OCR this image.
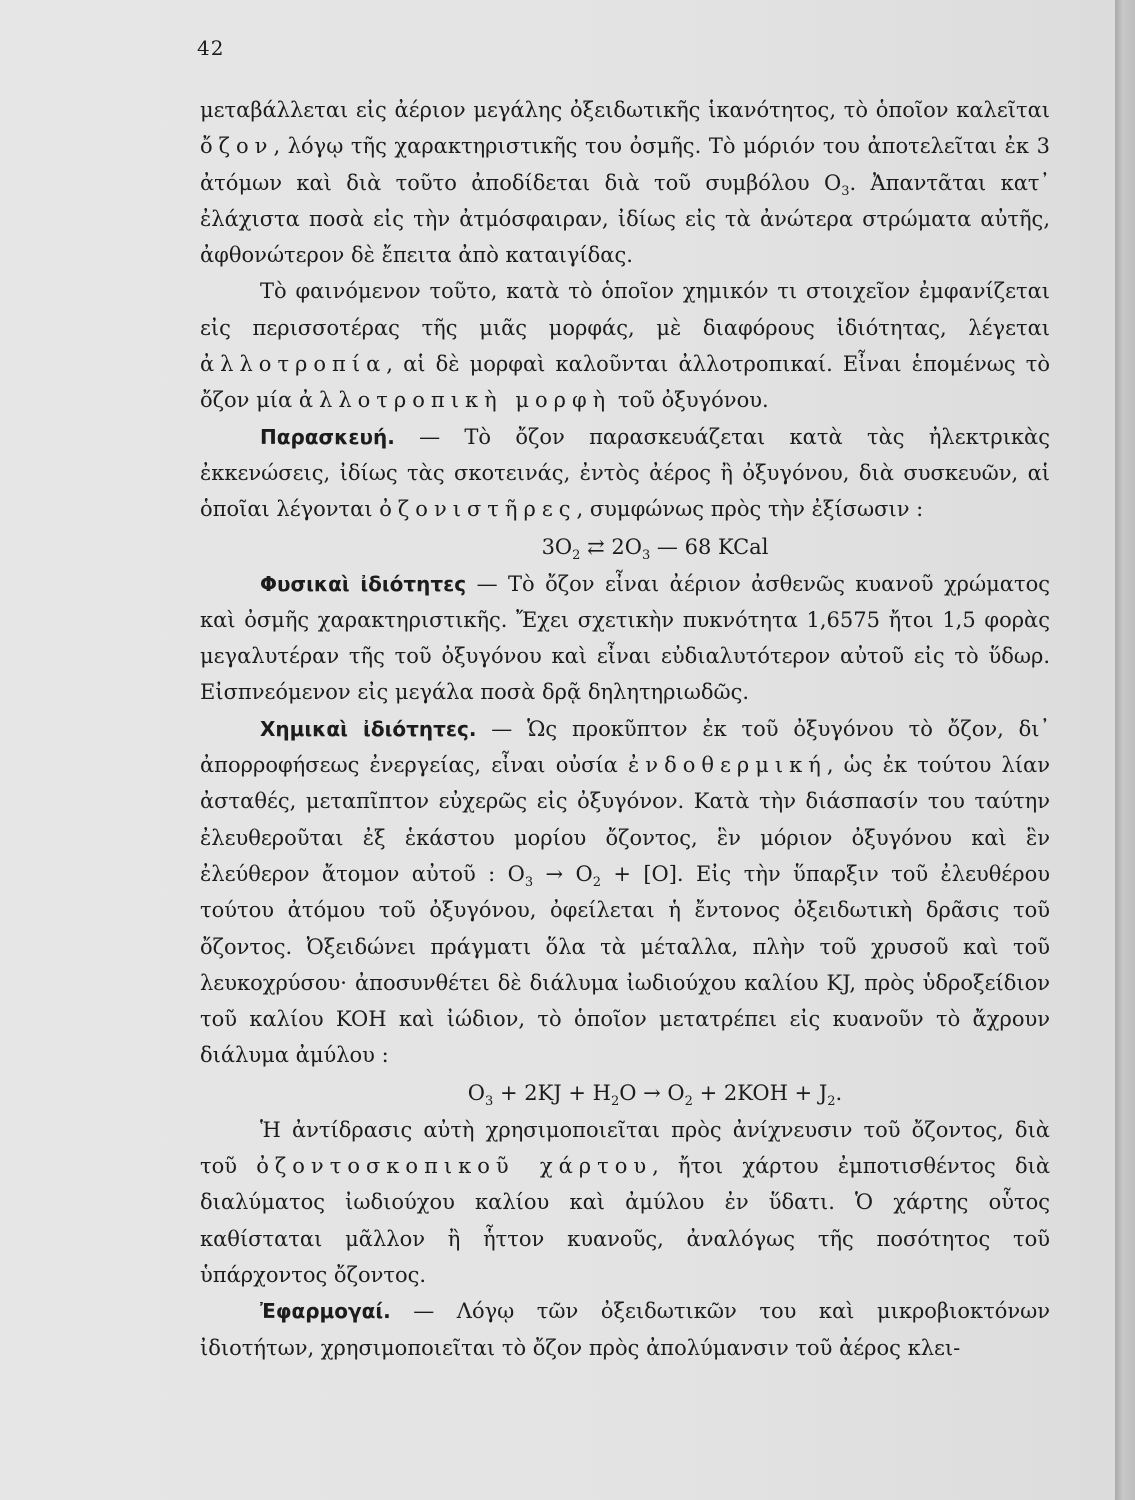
42

μεταβάλλεται εἰς ἀέριον μεγάλης ὀξειδωτικῆς ἱκανότητος, τὸ ὁποῖον καλεῖται ὄζον, λόγῳ τῆς χαρακτηριστικῆς του ὀσμῆς. Τὸ μόριόν του ἀποτελεῖται ἐκ 3 ἀτόμων καὶ διὰ τοῦτο ἀποδίδεται διὰ τοῦ συμβόλου $O_3$. Ἀπαντᾶται κατ᾽ ἐλάχιστα ποσὰ εἰς τὴν ἀτμόσφαιραν, ἰδίως εἰς τὰ ἀνώτερα στρώματα αὐτῆς, ἀφθονώτερον δὲ ἔπειτα ἀπὸ καταιγίδας.

Τὸ φαινόμενον τοῦτο, κατὰ τὸ ὁποῖον χημικόν τι στοιχεῖον ἐμφανίζεται εἰς περισσοτέρας τῆς μιᾶς μορφάς, μὲ διαφόρους ἰδιότητας, λέγεται ἀλλοτροπία, αἱ δὲ μορφαὶ καλοῦνται ἀλλοτροπικαί. Εἶναι ἑπομένως τὸ ὄζον μία ἀλλοτροπικὴ μορφὴ τοῦ ὀξυγόνου.

Παρασκευή. — Τὸ ὄζον παρασκευάζεται κατὰ τὰς ἠλεκτρικὰς ἐκκενώσεις, ἰδίως τὰς σκοτεινάς, ἐντὸς ἀέρος ἢ ὀξυγόνου, διὰ συσκευῶν, αἱ ὁποῖαι λέγονται ὀζονιστῆρες, συμφώνως πρὸς τὴν ἐξίσωσιν :

$3O_2$ ⇄ $2O_3$ — 68 KCal

Φυσικαὶ ἰδιότητες — Τὸ ὄζον εἶναι ἀέριον ἀσθενῶς κυανοῦ χρώματος καὶ ὀσμῆς χαρακτηριστικῆς. Ἔχει σχετικὴν πυκνότητα 1,6575 ἤτοι 1,5 φορὰς μεγαλυτέραν τῆς τοῦ ὀξυγόνου καὶ εἶναι εὐδιαλυτότερον αὐτοῦ εἰς τὸ ὕδωρ. Εἰσπνεόμενον εἰς μεγάλα ποσὰ δρᾷ δηλητηριωδῶς.

Χημικαὶ ἰδιότητες. — Ὡς προκῦπτον ἐκ τοῦ ὀξυγόνου τὸ ὄζον, δι᾽ ἀπορροφήσεως ἐνεργείας, εἶναι οὐσία ἐνδοθερμική, ὡς ἐκ τούτου λίαν ἀσταθές, μεταπῖπτον εὐχερῶς εἰς ὀξυγόνον. Κατὰ τὴν διάσπασίν του ταύτην ἐλευθεροῦται ἐξ ἑκάστου μορίου ὄζοντος, ἓν μόριον ὀξυγόνου καὶ ἓν ἐλεύθερον ἄτομον αὐτοῦ : $O_3 \to O_2 + [O]$. Εἰς τὴν ὕπαρξιν τοῦ ἐλευθέρου τούτου ἀτόμου τοῦ ὀξυγόνου, ὀφείλεται ἡ ἔντονος ὀξειδωτικὴ δρᾶσις τοῦ ὄζοντος. Ὀξειδώνει πράγματι ὅλα τὰ μέταλλα, πλὴν τοῦ χρυσοῦ καὶ τοῦ λευκοχρύσου· ἀποσυνθέτει δὲ διάλυμα ἰωδιούχου καλίου KJ, πρὸς ὑδροξείδιον τοῦ καλίου KOH καὶ ἰώδιον, τὸ ὁποῖον μετατρέπει εἰς κυανοῦν τὸ ἄχρουν διάλυμα ἀμύλου :

$O_3 + 2KJ + H_2O \to O_2 + 2KOH + J_2$.

Ἡ ἀντίδρασις αὐτὴ χρησιμοποιεῖται πρὸς ἀνίχνευσιν τοῦ ὄζοντος, διὰ τοῦ ὀζοντοσκοπικοῦ χάρτου, ἤτοι χάρτου ἐμποτισθέντος διὰ διαλύματος ἰωδιούχου καλίου καὶ ἀμύλου ἐν ὕδατι. Ὁ χάρτης οὗτος καθίσταται μᾶλλον ἢ ἧττον κυανοῦς, ἀναλόγως τῆς ποσότητος τοῦ ὑπάρχοντος ὄζοντος.

Ἐφαρμογαί. — Λόγῳ τῶν ὀξειδωτικῶν του καὶ μικροβιοκτόνων ἰδιοτήτων, χρησιμοποιεῖται τὸ ὄζον πρὸς ἀπολύμανσιν τοῦ ἀέρος κλει-
